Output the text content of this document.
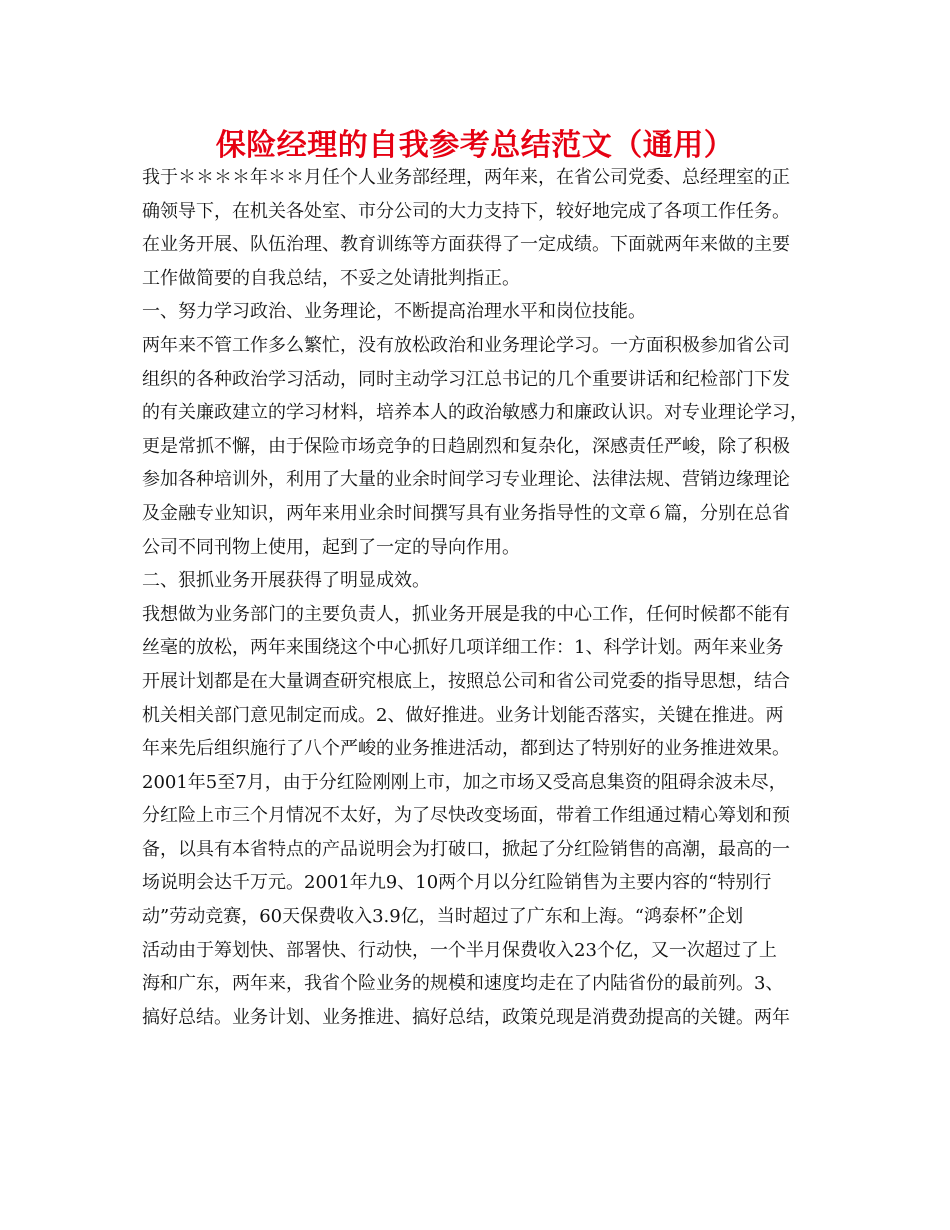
保险经理的自我参考总结范文（通用）
我于＊＊＊＊年＊＊月任个人业务部经理，两年来，在省公司党委、总经理室的正
确领导下，在机关各处室、市分公司的大力支持下，较好地完成了各项工作任务。
在业务开展、队伍治理、教育训练等方面获得了一定成绩。下面就两年来做的主要
工作做简要的自我总结，不妥之处请批判指正。
一、努力学习政治、业务理论，不断提高治理水平和岗位技能。
两年来不管工作多么繁忙，没有放松政治和业务理论学习。一方面积极参加省公司
组织的各种政治学习活动，同时主动学习江总书记的几个重要讲话和纪检部门下发
的有关廉政建立的学习材料，培养本人的政治敏感力和廉政认识。对专业理论学习，
更是常抓不懈，由于保险市场竞争的日趋剧烈和复杂化，深感责任严峻，除了积极
参加各种培训外，利用了大量的业余时间学习专业理论、法律法规、营销边缘理论
及金融专业知识，两年来用业余时间撰写具有业务指导性的文章６篇，分别在总省
公司不同刊物上使用，起到了一定的导向作用。
二、狠抓业务开展获得了明显成效。
我想做为业务部门的主要负责人，抓业务开展是我的中心工作，任何时候都不能有
丝毫的放松，两年来围绕这个中心抓好几项详细工作：1、科学计划。两年来业务
开展计划都是在大量调查研究根底上，按照总公司和省公司党委的指导思想，结合
机关相关部门意见制定而成。2、做好推进。业务计划能否落实，关键在推进。两
年来先后组织施行了八个严峻的业务推进活动，都到达了特别好的业务推进效果。
2001年5至7月，由于分红险刚刚上市，加之市场又受高息集资的阻碍余波未尽，
分红险上市三个月情况不太好，为了尽快改变场面，带着工作组通过精心筹划和预
备，以具有本省特点的产品说明会为打破口，掀起了分红险销售的高潮，最高的一
场说明会达千万元。2001年九9、10两个月以分红险销售为主要内容的“特别行
动”劳动竞赛，60天保费收入3.9亿，当时超过了广东和上海。“鸿泰杯”企划
活动由于筹划快、部署快、行动快，一个半月保费收入23个亿，又一次超过了上
海和广东，两年来，我省个险业务的规模和速度均走在了内陆省份的最前列。3、
搞好总结。业务计划、业务推进、搞好总结，政策兑现是消费劲提高的关键。两年
